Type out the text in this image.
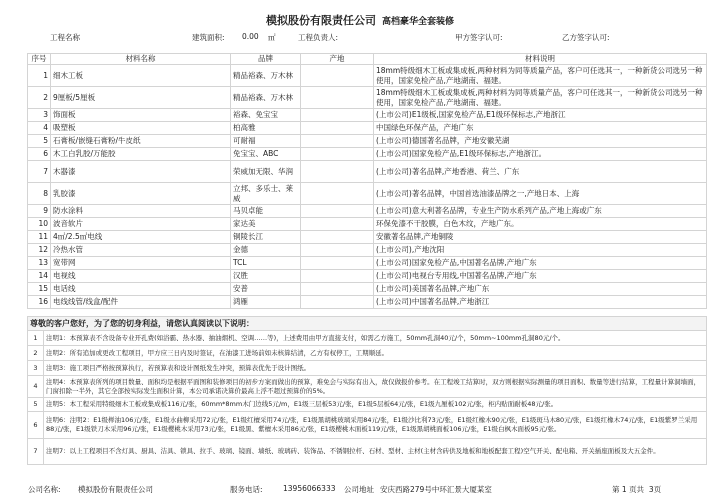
模拟股份有限责任公司 高档豪华全套装修
工程名称	建筑面积: 0.00 ㎡	工程负责人:	甲方签字认可:	乙方签字认可:
序号	材料名称	品牌	产地	材料说明
1	细木工板	精品裕森、万木林		18mm特级细木工板或集成板,两种材料为同等质量产品，客户可任选其一，一种新货公司选另一种使用，国家免检产品,产地湖南、福建。
2	9厘板/5厘板	精品裕森、万木林		18mm特级细木工板或集成板,两种材料为同等质量产品，客户可任选其一，一种新货公司选另一种使用，国家免检产品,产地湖南、福建。
3	饰面板	裕森、免宝宝		(上市公司)E1级板,国家免检产品,E1级环保标志,产地浙江
4	吸塑板	柏高雅		中国绿色环保产品，产地广东
5	石膏板/嵌缝石膏粉/牛皮纸	可耐福		(上市公司)德国著名品牌，产地安徽芜湖
6	木工白乳胶/万能胶	免宝宝、ABC		(上市公司)国家免检产品,E1级环保标志,产地浙江。
7	木器漆	荣威加无限、华润		(上市公司)著名品牌,产地香港、荷兰、广东
8	乳胶漆	立邦、多乐士、莱威		(上市公司)著名品牌，中国首选油漆品牌之一,产地日本、上海
9	防水涂料	马贝卓能		(上市公司)意大利著名品牌，专业生产防水系列产品,产地上海或广东
10	波音软片	家达美		环保免漆不干胶膜，白色木纹，产地广东。
11	4㎡/2.5㎡电线	铜陵长江		安徽著名品牌,产地铜陵
12	冷热水管	金德		(上市公司),产地沈阳
13	宽带网	TCL		(上市公司)国家免检产品,中国著名品牌,产地广东
14	电视线	汉胜		(上市公司)电视台专用线,中国著名品牌,产地广东
15	电话线	安普		(上市公司)美国著名品牌,产地广东
16	电线线管/线盒/配件	鸿雁		(上市公司)中国著名品牌,产地浙江
尊敬的客户您好，为了您的切身利益，请您认真阅读以下说明：	
1	注明1：本预算表不含设备专业开孔费(如浴霸、热水器、抽油烟机、空调……等)，上述费用由甲方直接支付，如需乙方施工，50mm孔洞40元/个，50mm~100mm孔洞80元/个。
2	注明2：所有追加或更改工程项目，甲方应三日内及时签证，在油漆工进场前如未核算结清，乙方有权停工，工期顺延。
3	注明3：施工项目严格按预算执行，若预算表和设计图纸发生冲突，预算表优先于设计图纸。
4	注明4：本预算表所列的项目数量、面积均是根据平面图和装修项目的初步方案而做出的预算，难免会与实际有出入，故仅做报价参考。在工程竣工结算时，双方则根据实际测量的项目面积、数量等进行结算，工程量计算洞墙面，门窗扣除一半外，其它全部按实际发生面积计算，本公司承诺决算价最高上浮不超过预算价的5%。
5	注明5：本工程采用特级细木工板或集成板116元/张，60mm*8mm木门边线5元/m，E1级三层板53元/张，E1级5层板64元/张，E1级九厘板102元/张，柜内贴面耐板48元/张。
6	注明6：注明2：E1级榉油106元/张，E1级水曲柳采用72元/张，E1级红檀采用74元/张，E1级黑胡桃玻璃采用84元/张，E1级沙比利73元/张，E1级红橡木90元/张，E1级斑马木80元/张，E1级红橡木74元/张，E1级紫罗兰采用88元/张，E1级铁刀木采用96元/张，E1级樱桃木采用73元/张，E1级黑、紫檀木采用86元/张，E1级樱桃木面板119元/张，E1级黑胡桃面板106元/张，E1级白枫木面板95元/张。
7	注明7：以上工程项目不含灯具、厨具、洁具、锁具、拉手、玻璃、镜面、墙纸、玻璃砖、装饰品、不锈钢拉杆、石材、型材、主材(主材含砖供及地板和地板配套工程)空气开关、配电箱、开关插座面板及大五金件。
公司名称: 模拟股份有限责任公司	服务电话:	13956066333 公司地址 安庆西路279号中环汇景大厦某室	第 1 页共 3页
